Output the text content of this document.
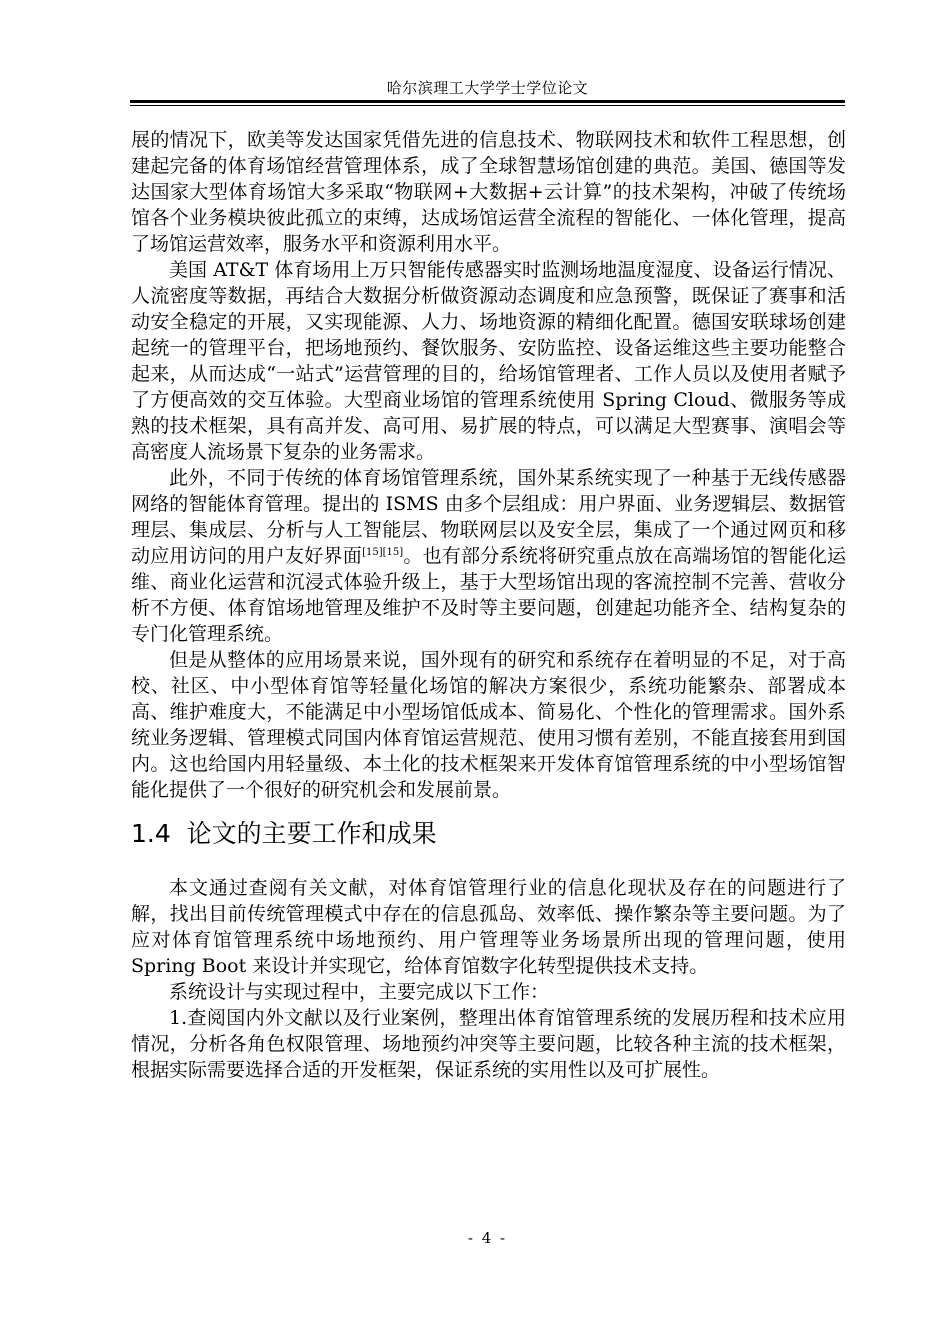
哈尔滨理工大学学士学位论文

展的情况下，欧美等发达国家凭借先进的信息技术、物联网技术和软件工程思想，创建起完备的体育场馆经营管理体系，成了全球智慧场馆创建的典范。美国、德国等发达国家大型体育场馆大多采取“物联网+大数据+云计算”的技术架构，冲破了传统场馆各个业务模块彼此孤立的束缚，达成场馆运营全流程的智能化、一体化管理，提高了场馆运营效率，服务水平和资源利用水平。

美国 AT&T 体育场用上万只智能传感器实时监测场地温度湿度、设备运行情况、人流密度等数据，再结合大数据分析做资源动态调度和应急预警，既保证了赛事和活动安全稳定的开展，又实现能源、人力、场地资源的精细化配置。德国安联球场创建起统一的管理平台，把场地预约、餐饮服务、安防监控、设备运维这些主要功能整合起来，从而达成“一站式”运营管理的目的，给场馆管理者、工作人员以及使用者赋予了方便高效的交互体验。大型商业场馆的管理系统使用 Spring Cloud、微服务等成熟的技术框架，具有高并发、高可用、易扩展的特点，可以满足大型赛事、演唱会等高密度人流场景下复杂的业务需求。

此外，不同于传统的体育场馆管理系统，国外某系统实现了一种基于无线传感器网络的智能体育管理。提出的 ISMS 由多个层组成：用户界面、业务逻辑层、数据管理层、集成层、分析与人工智能层、物联网层以及安全层，集成了一个通过网页和移动应用访问的用户友好界面[15][15]。也有部分系统将研究重点放在高端场馆的智能化运维、商业化运营和沉浸式体验升级上，基于大型场馆出现的客流控制不完善、营收分析不方便、体育馆场地管理及维护不及时等主要问题，创建起功能齐全、结构复杂的专门化管理系统。

但是从整体的应用场景来说，国外现有的研究和系统存在着明显的不足，对于高校、社区、中小型体育馆等轻量化场馆的解决方案很少，系统功能繁杂、部署成本高、维护难度大，不能满足中小型场馆低成本、简易化、个性化的管理需求。国外系统业务逻辑、管理模式同国内体育馆运营规范、使用习惯有差别，不能直接套用到国内。这也给国内用轻量级、本土化的技术框架来开发体育馆管理系统的中小型场馆智能化提供了一个很好的研究机会和发展前景。

1.4 论文的主要工作和成果

本文通过查阅有关文献，对体育馆管理行业的信息化现状及存在的问题进行了解，找出目前传统管理模式中存在的信息孤岛、效率低、操作繁杂等主要问题。为了应对体育馆管理系统中场地预约、用户管理等业务场景所出现的管理问题，使用 Spring Boot 来设计并实现它，给体育馆数字化转型提供技术支持。

系统设计与实现过程中，主要完成以下工作：

1.查阅国内外文献以及行业案例，整理出体育馆管理系统的发展历程和技术应用情况，分析各角色权限管理、场地预约冲突等主要问题，比较各种主流的技术框架，根据实际需要选择合适的开发框架，保证系统的实用性以及可扩展性。

- 4 -
